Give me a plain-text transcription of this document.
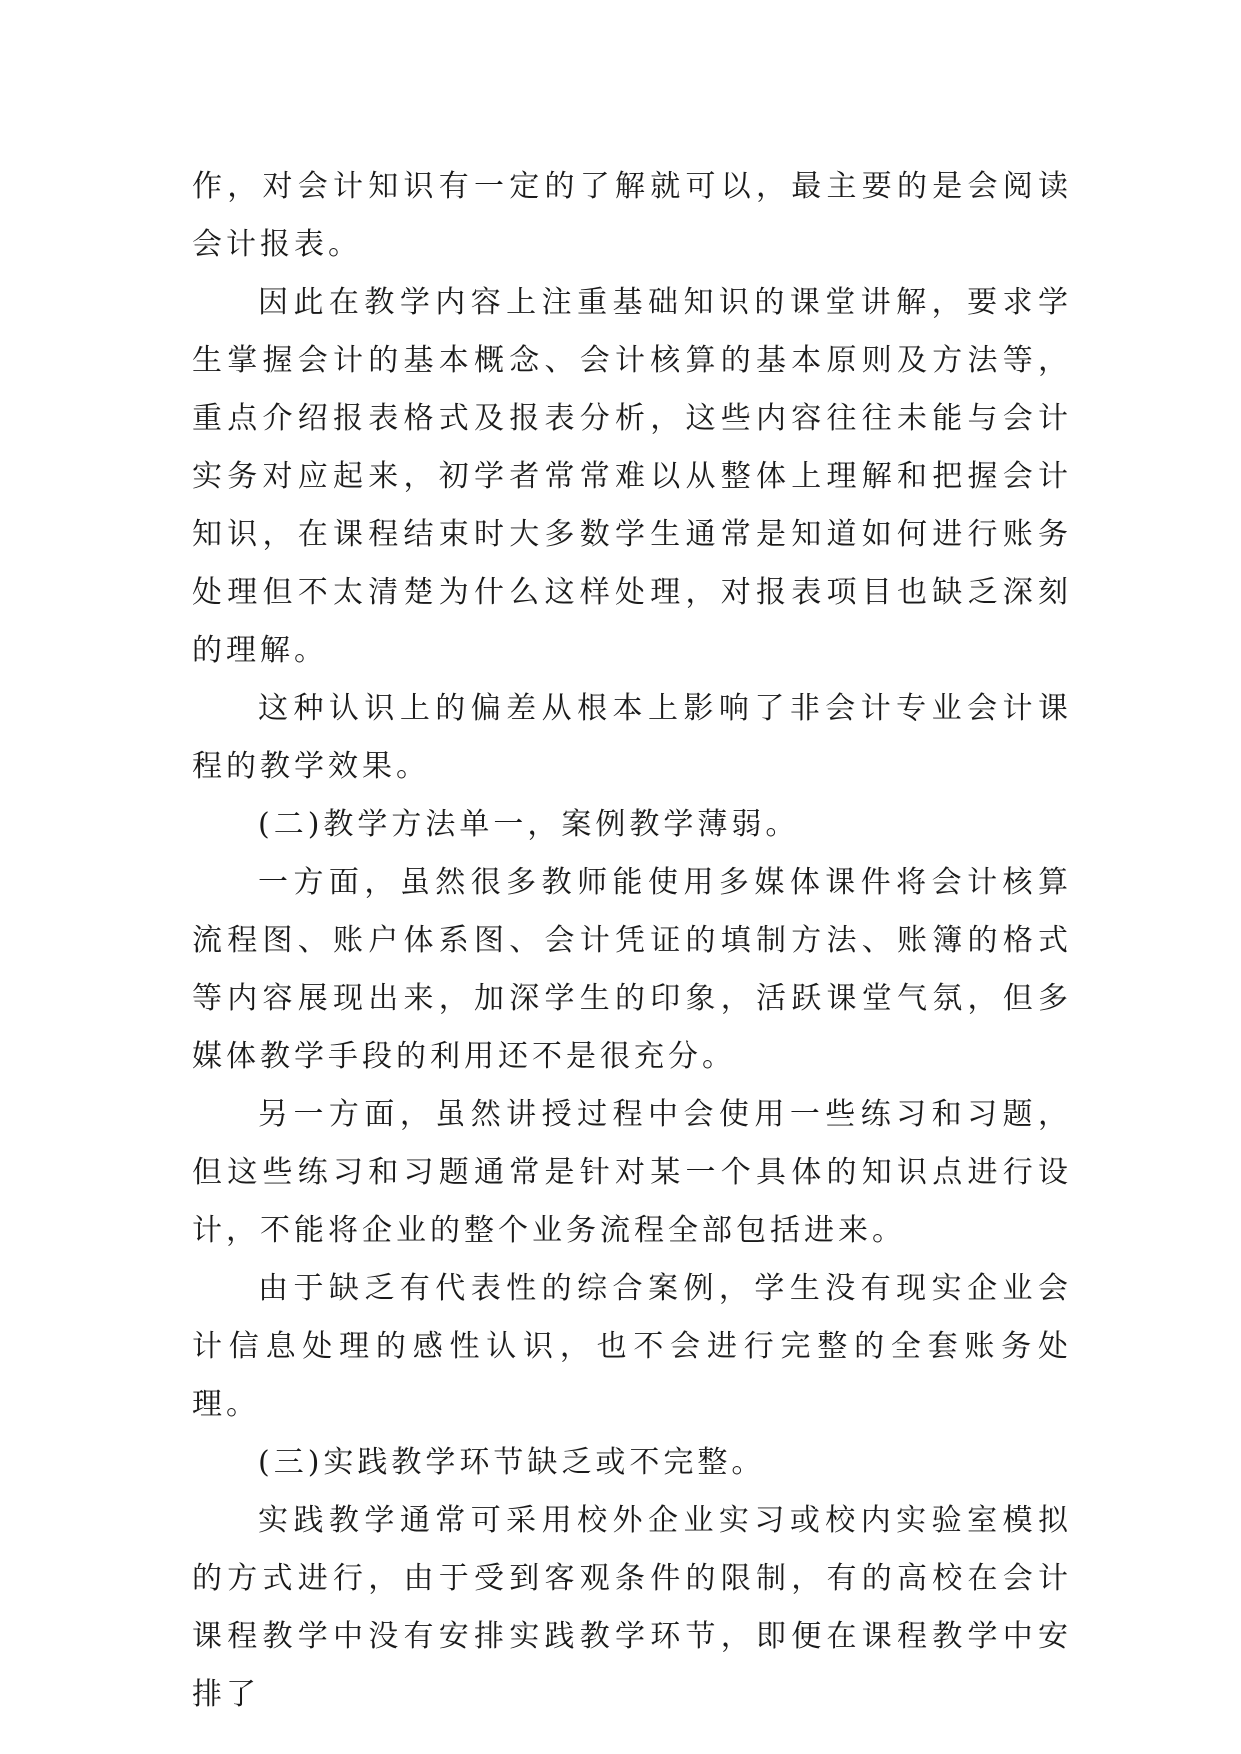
作，对会计知识有一定的了解就可以，最主要的是会阅读会计报表。

因此在教学内容上注重基础知识的课堂讲解，要求学生掌握会计的基本概念、会计核算的基本原则及方法等，重点介绍报表格式及报表分析，这些内容往往未能与会计实务对应起来，初学者常常难以从整体上理解和把握会计知识，在课程结束时大多数学生通常是知道如何进行账务处理但不太清楚为什么这样处理，对报表项目也缺乏深刻的理解。

这种认识上的偏差从根本上影响了非会计专业会计课程的教学效果。

(二)教学方法单一，案例教学薄弱。

一方面，虽然很多教师能使用多媒体课件将会计核算流程图、账户体系图、会计凭证的填制方法、账簿的格式等内容展现出来，加深学生的印象，活跃课堂气氛，但多媒体教学手段的利用还不是很充分。

另一方面，虽然讲授过程中会使用一些练习和习题，但这些练习和习题通常是针对某一个具体的知识点进行设计，不能将企业的整个业务流程全部包括进来。

由于缺乏有代表性的综合案例，学生没有现实企业会计信息处理的感性认识，也不会进行完整的全套账务处理。

(三)实践教学环节缺乏或不完整。

实践教学通常可采用校外企业实习或校内实验室模拟的方式进行，由于受到客观条件的限制，有的高校在会计课程教学中没有安排实践教学环节，即便在课程教学中安排了
